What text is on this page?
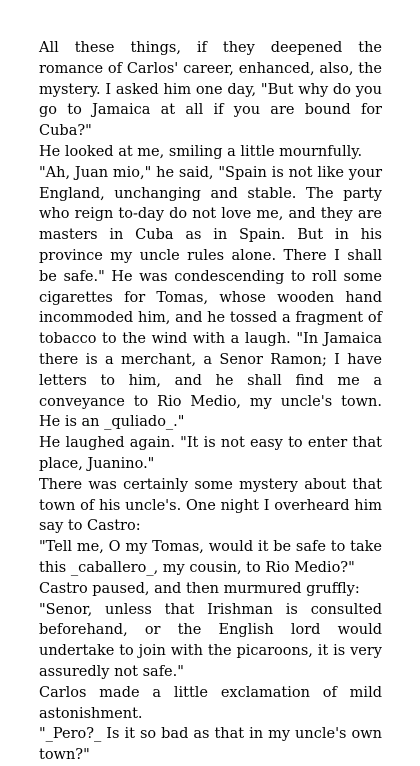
All these things, if they deepened the romance of Carlos' career, enhanced, also, the mystery. I asked him one day, "But why do you go to Jamaica at all if you are bound for Cuba?"

He looked at me, smiling a little mournfully.

"Ah, Juan mio," he said, "Spain is not like your England, unchanging and stable. The party who reign to-day do not love me, and they are masters in Cuba as in Spain. But in his province my uncle rules alone. There I shall be safe." He was condescending to roll some cigarettes for Tomas, whose wooden hand incommoded him, and he tossed a fragment of tobacco to the wind with a laugh. "In Jamaica there is a merchant, a Senor Ramon; I have letters to him, and he shall find me a conveyance to Rio Medio, my uncle's town. He is an _quliado_."

He laughed again. "It is not easy to enter that place, Juanino."

There was certainly some mystery about that town of his uncle's. One night I overheard him say to Castro:

"Tell me, O my Tomas, would it be safe to take this _caballero_, my cousin, to Rio Medio?"

Castro paused, and then murmured gruffly:

"Senor, unless that Irishman is consulted beforehand, or the English lord would undertake to join with the picaroons, it is very assuredly not safe."

Carlos made a little exclamation of mild astonishment.

"_Pero?_ Is it so bad as that in my uncle's own town?"
